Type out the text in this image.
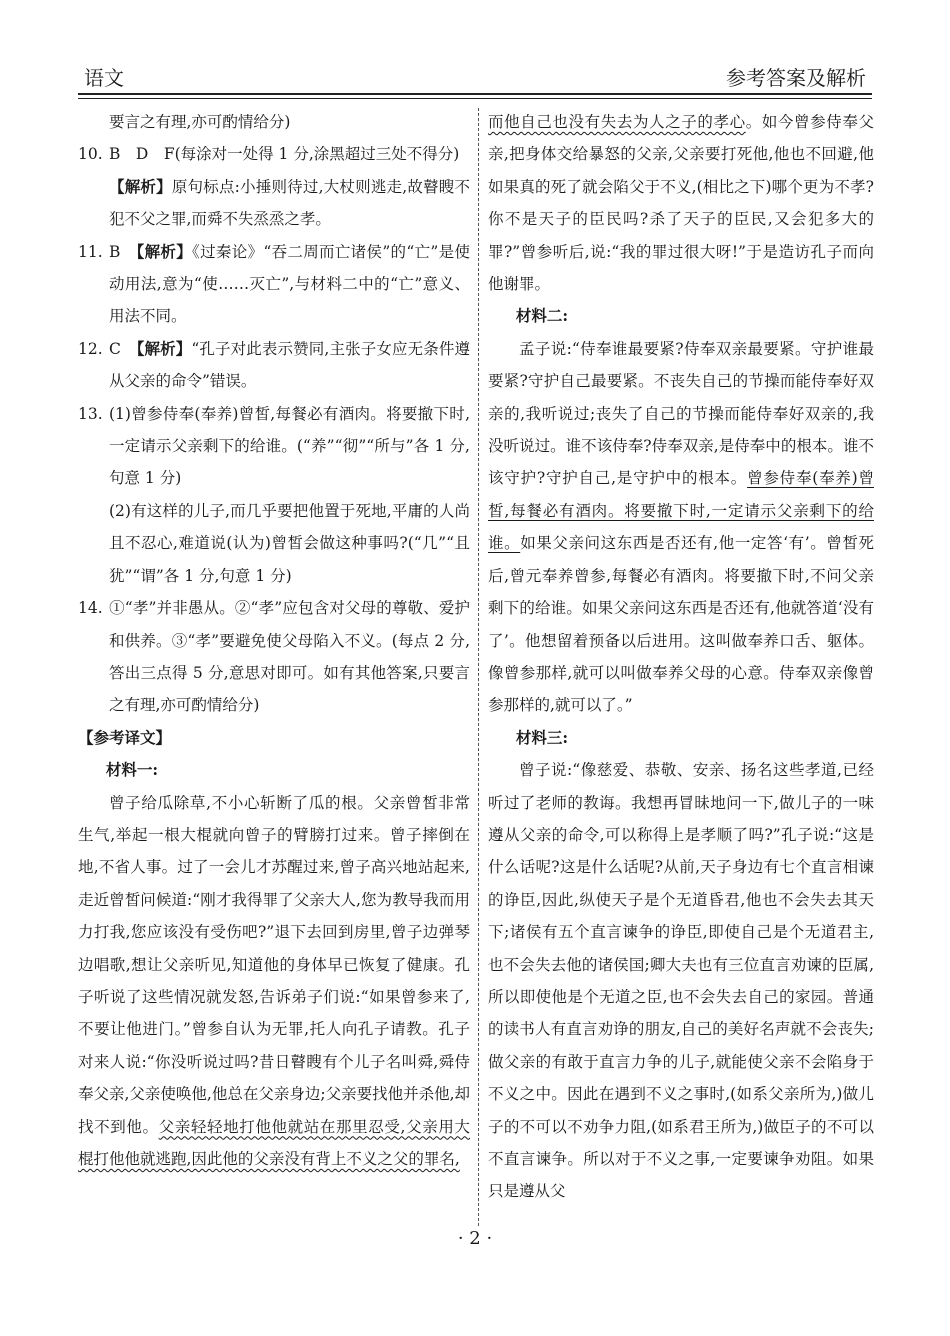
语文	参考答案及解析

要言之有理,亦可酌情给分)

10. B　D　F(每涂对一处得 1 分,涂黑超过三处不得分)

【解析】原句标点:小捶则待过,大杖则逃走,故瞽瞍不犯不父之罪,而舜不失烝烝之孝。

11. B　 【解析】《过秦论》“吞二周而亡诸侯”的“亡”是使动用法,意为“使……灭亡”,与材料二中的“亡”意义、用法不同。

12. C　 【解析】“孔子对此表示赞同,主张子女应无条件遵从父亲的命令”错误。

13. (1)曾参侍奉(奉养)曾皙,每餐必有酒肉。将要撤下时,一定请示父亲剩下的给谁。(“养”“彻”“所与”各 1 分,句意 1 分)

(2)有这样的儿子,而几乎要把他置于死地,平庸的人尚且不忍心,难道说(认为)曾皙会做这种事吗?(“几”“且犹”“谓”各 1 分,句意 1 分)

14. ①“孝”并非愚从。②“孝”应包含对父母的尊敬、爱护和供养。③“孝”要避免使父母陷入不义。(每点 2 分,答出三点得 5 分,意思对即可。如有其他答案,只要言之有理,亦可酌情给分)

【参考译文】

材料一:

曾子给瓜除草,不小心斩断了瓜的根。父亲曾皙非常生气,举起一根大棍就向曾子的臂膀打过来。曾子摔倒在地,不省人事。过了一会儿才苏醒过来,曾子高兴地站起来,走近曾皙问候道:“刚才我得罪了父亲大人,您为教导我而用力打我,您应该没有受伤吧?”退下去回到房里,曾子边弹琴边唱歌,想让父亲听见,知道他的身体早已恢复了健康。孔子听说了这些情况就发怒,告诉弟子们说:“如果曾参来了,不要让他进门。”曾参自认为无罪,托人向孔子请教。孔子对来人说:“你没听说过吗?昔日瞽瞍有个儿子名叫舜,舜侍奉父亲,父亲使唤他,他总在父亲身边;父亲要找他并杀他,却找不到他。父亲轻轻地打他他就站在那里忍受,父亲用大棍打他他就逃跑,因此他的父亲没有背上不义之父的罪名,

而他自己也没有失去为人之子的孝心。如今曾参侍奉父亲,把身体交给暴怒的父亲,父亲要打死他,他也不回避,他如果真的死了就会陷父于不义,(相比之下)哪个更为不孝?你不是天子的臣民吗?杀了天子的臣民,又会犯多大的罪?”曾参听后,说:“我的罪过很大呀!”于是造访孔子而向他谢罪。

材料二:

孟子说:“侍奉谁最要紧?侍奉双亲最要紧。守护谁最要紧?守护自己最要紧。不丧失自己的节操而能侍奉好双亲的,我听说过;丧失了自己的节操而能侍奉好双亲的,我没听说过。谁不该侍奉?侍奉双亲,是侍奉中的根本。谁不该守护?守护自己,是守护中的根本。曾参侍奉(奉养)曾皙,每餐必有酒肉。将要撤下时,一定请示父亲剩下的给谁。如果父亲问这东西是否还有,他一定答‘有’。曾皙死后,曾元奉养曾参,每餐必有酒肉。将要撤下时,不问父亲剩下的给谁。如果父亲问这东西是否还有,他就答道‘没有了’。他想留着预备以后进用。这叫做奉养口舌、躯体。像曾参那样,就可以叫做奉养父母的心意。侍奉双亲像曾参那样的,就可以了。”

材料三:

曾子说:“像慈爱、恭敬、安亲、扬名这些孝道,已经听过了老师的教诲。我想再冒昧地问一下,做儿子的一味遵从父亲的命令,可以称得上是孝顺了吗?”孔子说:“这是什么话呢?这是什么话呢?从前,天子身边有七个直言相谏的诤臣,因此,纵使天子是个无道昏君,他也不会失去其天下;诸侯有五个直言谏争的诤臣,即使自己是个无道君主,也不会失去他的诸侯国;卿大夫也有三位直言劝谏的臣属,所以即使他是个无道之臣,也不会失去自己的家园。普通的读书人有直言劝诤的朋友,自己的美好名声就不会丧失;做父亲的有敢于直言力争的儿子,就能使父亲不会陷身于不义之中。因此在遇到不义之事时,(如系父亲所为,)做儿子的不可以不劝争力阻,(如系君王所为,)做臣子的不可以不直言谏争。所以对于不义之事,一定要谏争劝阻。如果只是遵从父

· 2 ·
